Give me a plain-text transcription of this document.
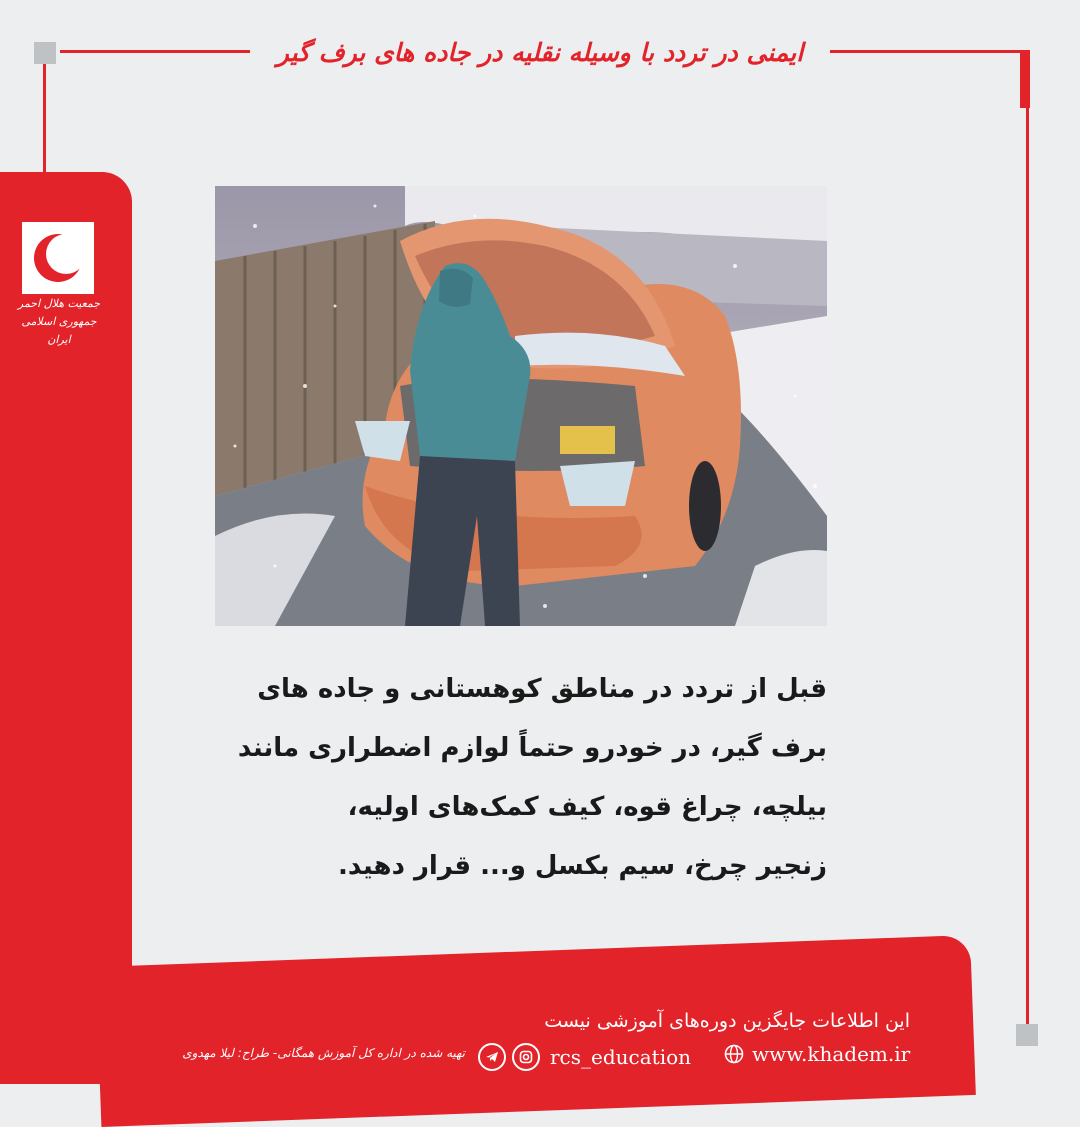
ایمنی در تردد با وسیله نقلیه در جاده های برف گیر
جمعیت هلال احمر
جمهوری اسلامی ایران
قبل از تردد در مناطق کوهستانی و جاده های
برف گیر، در خودرو حتماً لوازم اضطراری مانند
بیلچه، چراغ قوه، کیف کمک‌های اولیه،
زنجیر چرخ، سیم بکسل و... قرار دهید.
این اطلاعات جایگزین دوره‌های آموزشی نیست
تهیه شده در اداره کل آموزش همگانی- طراح: لیلا مهدوی	rcs_education	www.khadem.ir
